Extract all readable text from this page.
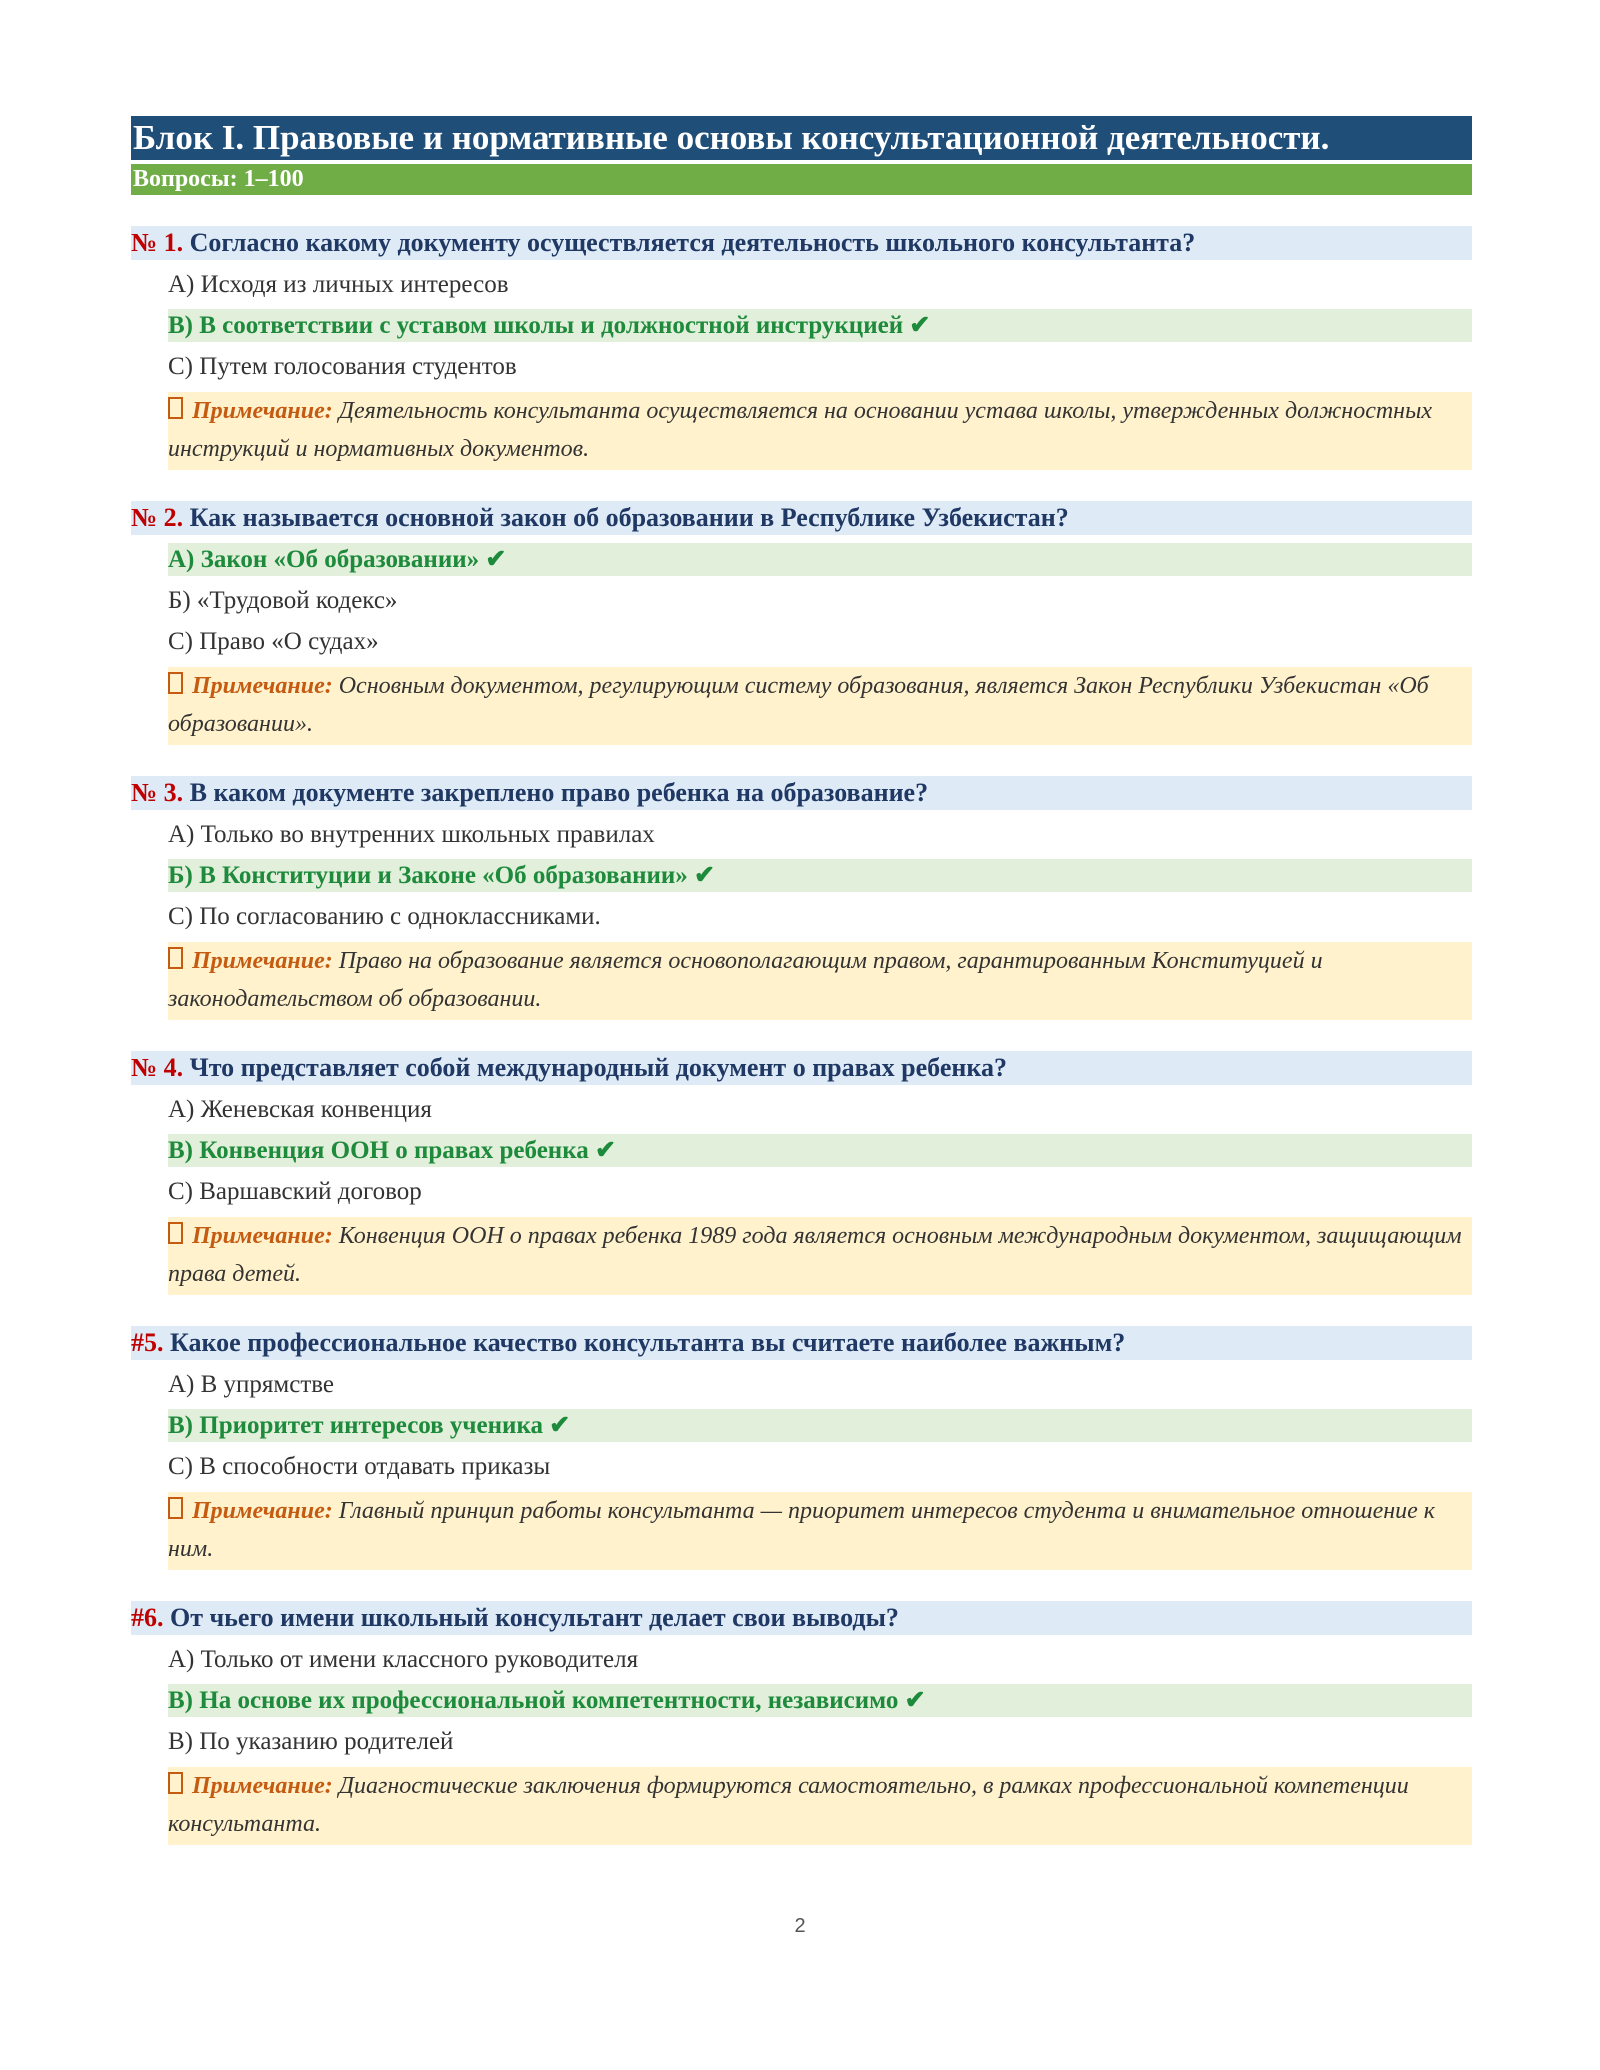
Блок I. Правовые и нормативные основы консультационной деятельности.
Вопросы: 1–100
№ 1. Согласно какому документу осуществляется деятельность школьного консультанта?
А) Исходя из личных интересов
В) В соответствии с уставом школы и должностной инструкцией ✔
С) Путем голосования студентов
Примечание: Деятельность консультанта осуществляется на основании устава школы, утвержденных должностных инструкций и нормативных документов.
№ 2. Как называется основной закон об образовании в Республике Узбекистан?
А) Закон «Об образовании» ✔
Б) «Трудовой кодекс»
С) Право «О судах»
Примечание: Основным документом, регулирующим систему образования, является Закон Республики Узбекистан «Об образовании».
№ 3. В каком документе закреплено право ребенка на образование?
А) Только во внутренних школьных правилах
Б) В Конституции и Законе «Об образовании» ✔
С) По согласованию с одноклассниками.
Примечание: Право на образование является основополагающим правом, гарантированным Конституцией и законодательством об образовании.
№ 4. Что представляет собой международный документ о правах ребенка?
А) Женевская конвенция
В) Конвенция ООН о правах ребенка ✔
С) Варшавский договор
Примечание: Конвенция ООН о правах ребенка 1989 года является основным международным документом, защищающим права детей.
#5. Какое профессиональное качество консультанта вы считаете наиболее важным?
А) В упрямстве
В) Приоритет интересов ученика ✔
С) В способности отдавать приказы
Примечание: Главный принцип работы консультанта — приоритет интересов студента и внимательное отношение к ним.
#6. От чьего имени школьный консультант делает свои выводы?
А) Только от имени классного руководителя
В) На основе их профессиональной компетентности, независимо ✔
В) По указанию родителей
Примечание: Диагностические заключения формируются самостоятельно, в рамках профессиональной компетенции консультанта.
2
